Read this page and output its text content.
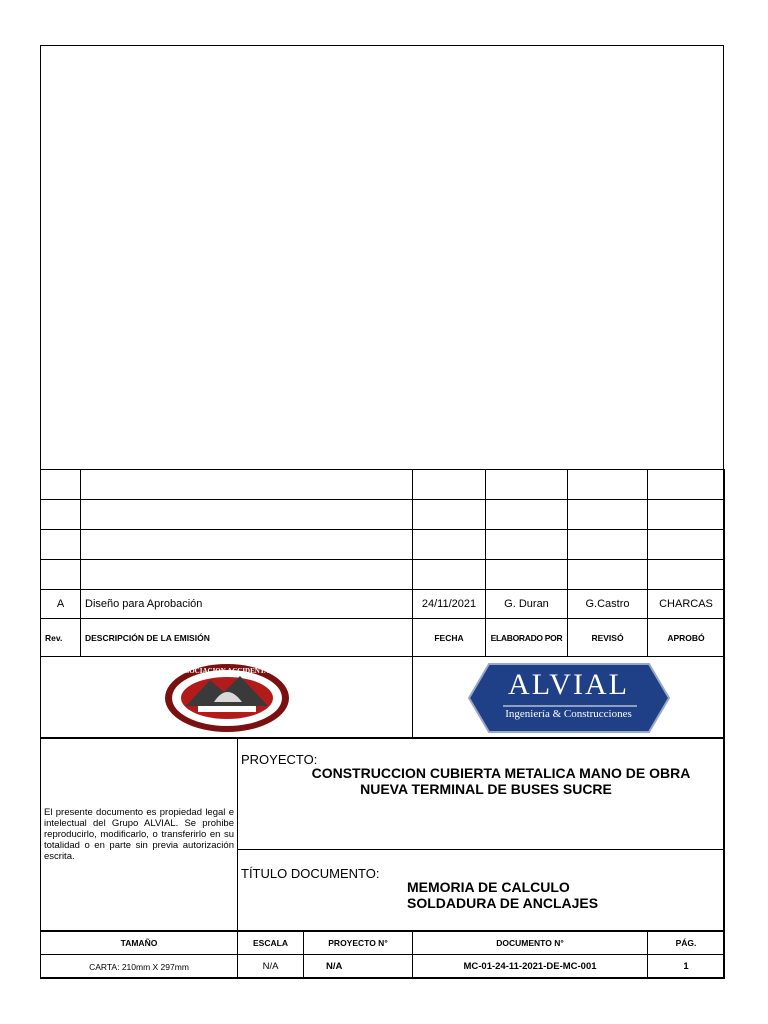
A	Diseño para Aprobación	24/11/2021	G. Duran	G.Castro	CHARCAS
Rev.	DESCRIPCIÓN DE LA EMISIÓN	FECHA	ELABORADO POR	REVISÓ	APROBÓ
ASOCIACION ACCIDENTAL	ALVIAL
Ingeniería & Construcciones
El presente documento es propiedad legal e intelectual del Grupo ALVIAL. Se prohibe reproducirlo, modificarlo, o transferirlo en su totalidad o en parte sin previa autorización escrita.

PROYECTO:
CONSTRUCCION CUBIERTA METALICA MANO DE OBRA
NUEVA TERMINAL DE BUSES SUCRE

TÍTULO DOCUMENTO:
MEMORIA DE CALCULO
SOLDADURA DE ANCLAJES
TAMAÑO	ESCALA	PROYECTO N°	DOCUMENTO N°	PÁG.
CARTA: 210mm X 297mm	N/A	N/A	MC-01-24-11-2021-DE-MC-001	1
